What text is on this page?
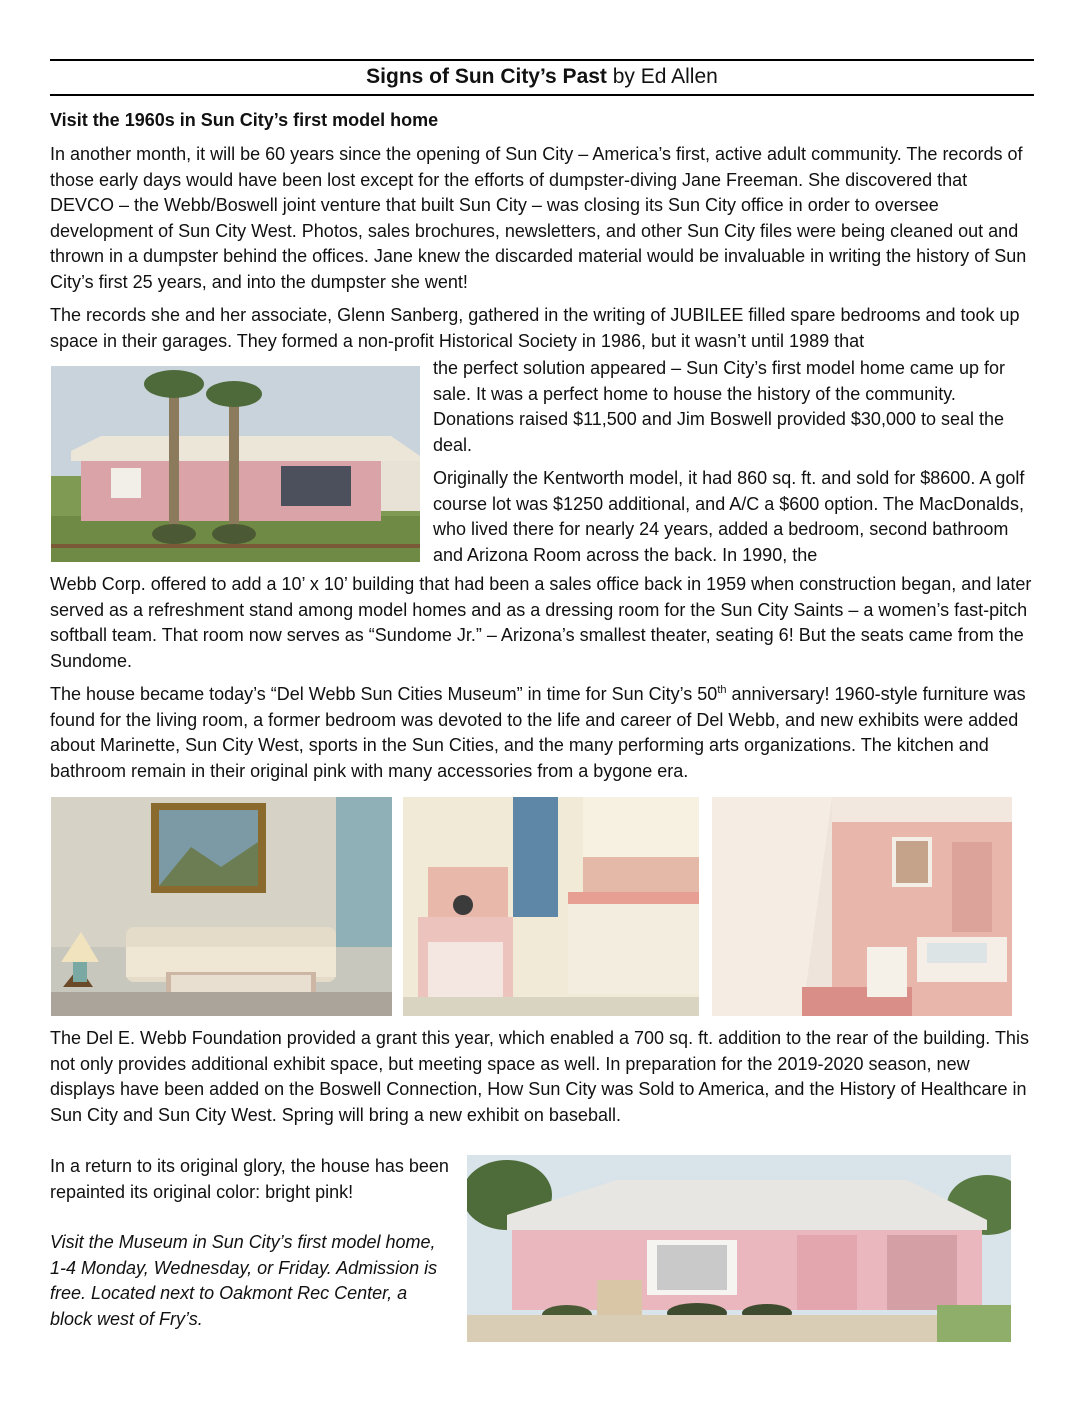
Signs of Sun City’s Past by Ed Allen
Visit the 1960s in Sun City’s first model home

In another month, it will be 60 years since the opening of Sun City – America’s first, active adult community. The records of those early days would have been lost except for the efforts of dumpster-diving Jane Freeman. She discovered that DEVCO – the Webb/Boswell joint venture that built Sun City – was closing its Sun City office in order to oversee development of Sun City West. Photos, sales brochures, newsletters, and other Sun City files were being cleaned out and thrown in a dumpster behind the offices. Jane knew the discarded material would be invaluable in writing the history of Sun City’s first 25 years, and into the dumpster she went!

The records she and her associate, Glenn Sanberg, gathered in the writing of JUBILEE filled spare bedrooms and took up space in their garages. They formed a non-profit Historical Society in 1986, but it wasn’t until 1989 that

the perfect solution appeared – Sun City’s first model home came up for sale. It was a perfect home to house the history of the community. Donations raised $11,500 and Jim Boswell provided $30,000 to seal the deal.

Originally the Kentworth model, it had 860 sq. ft. and sold for $8600. A golf course lot was $1250 additional, and A/C a $600 option. The MacDonalds, who lived there for nearly 24 years, added a bedroom, second bathroom and Arizona Room across the back. In 1990, the

Webb Corp. offered to add a 10’ x 10’ building that had been a sales office back in 1959 when construction began, and later served as a refreshment stand among model homes and as a dressing room for the Sun City Saints – a women’s fast-pitch softball team. That room now serves as “Sundome Jr.” – Arizona’s smallest theater, seating 6! But the seats came from the Sundome.

The house became today’s “Del Webb Sun Cities Museum” in time for Sun City’s 50th anniversary! 1960-style furniture was found for the living room, a former bedroom was devoted to the life and career of Del Webb, and new exhibits were added about Marinette, Sun City West, sports in the Sun Cities, and the many performing arts organizations. The kitchen and bathroom remain in their original pink with many accessories from a bygone era.

The Del E. Webb Foundation provided a grant this year, which enabled a 700 sq. ft. addition to the rear of the building. This not only provides additional exhibit space, but meeting space as well. In preparation for the 2019-2020 season, new displays have been added on the Boswell Connection, How Sun City was Sold to America, and the History of Healthcare in Sun City and Sun City West. Spring will bring a new exhibit on baseball.

In a return to its original glory, the house has been repainted its original color: bright pink!

Visit the Museum in Sun City’s first model home, 1-4 Monday, Wednesday, or Friday. Admission is free. Located next to Oakmont Rec Center, a block west of Fry’s.
